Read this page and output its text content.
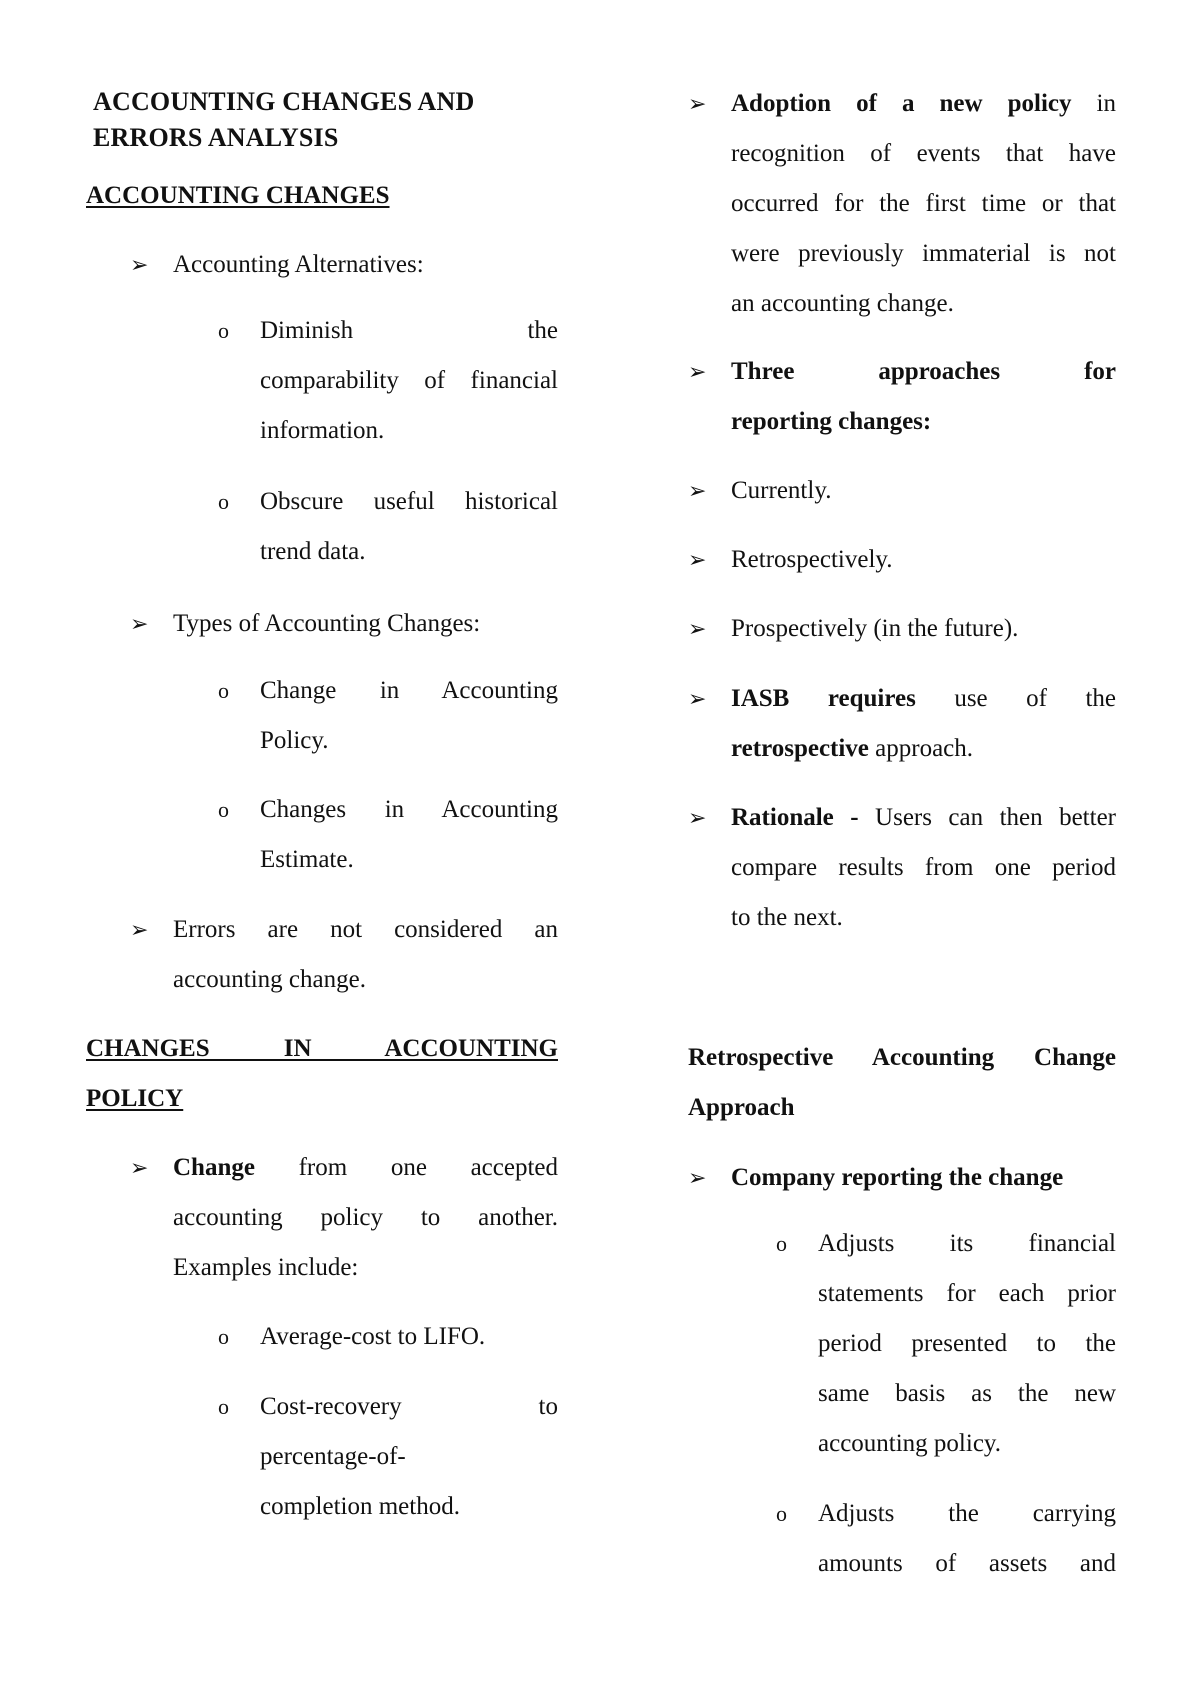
ACCOUNTING CHANGES AND
ERRORS ANALYSIS
ACCOUNTING CHANGES
➢ Accounting Alternatives:
o Diminish the
comparability of financial
information.
o Obscure useful historical
trend data.
➢ Types of Accounting Changes:
o Change in Accounting
Policy.
o Changes in Accounting
Estimate.
➢ Errors are not considered an
accounting change.
CHANGES IN ACCOUNTING
POLICY
➢ Change from one accepted
accounting policy to another.
Examples include:
o Average-cost to LIFO.
o Cost-recovery to
percentage-of-
completion method.
➢ Adoption of a new policy in
recognition of events that have
occurred for the first time or that
were previously immaterial is not
an accounting change.
➢ Three approaches for
reporting changes:
➢ Currently.
➢ Retrospectively.
➢ Prospectively (in the future).
➢ IASB requires use of the
retrospective approach.
➢ Rationale - Users can then better
compare results from one period
to the next.
Retrospective Accounting Change
Approach
➢ Company reporting the change
o Adjusts its financial
statements for each prior
period presented to the
same basis as the new
accounting policy.
o Adjusts the carrying
amounts of assets and
